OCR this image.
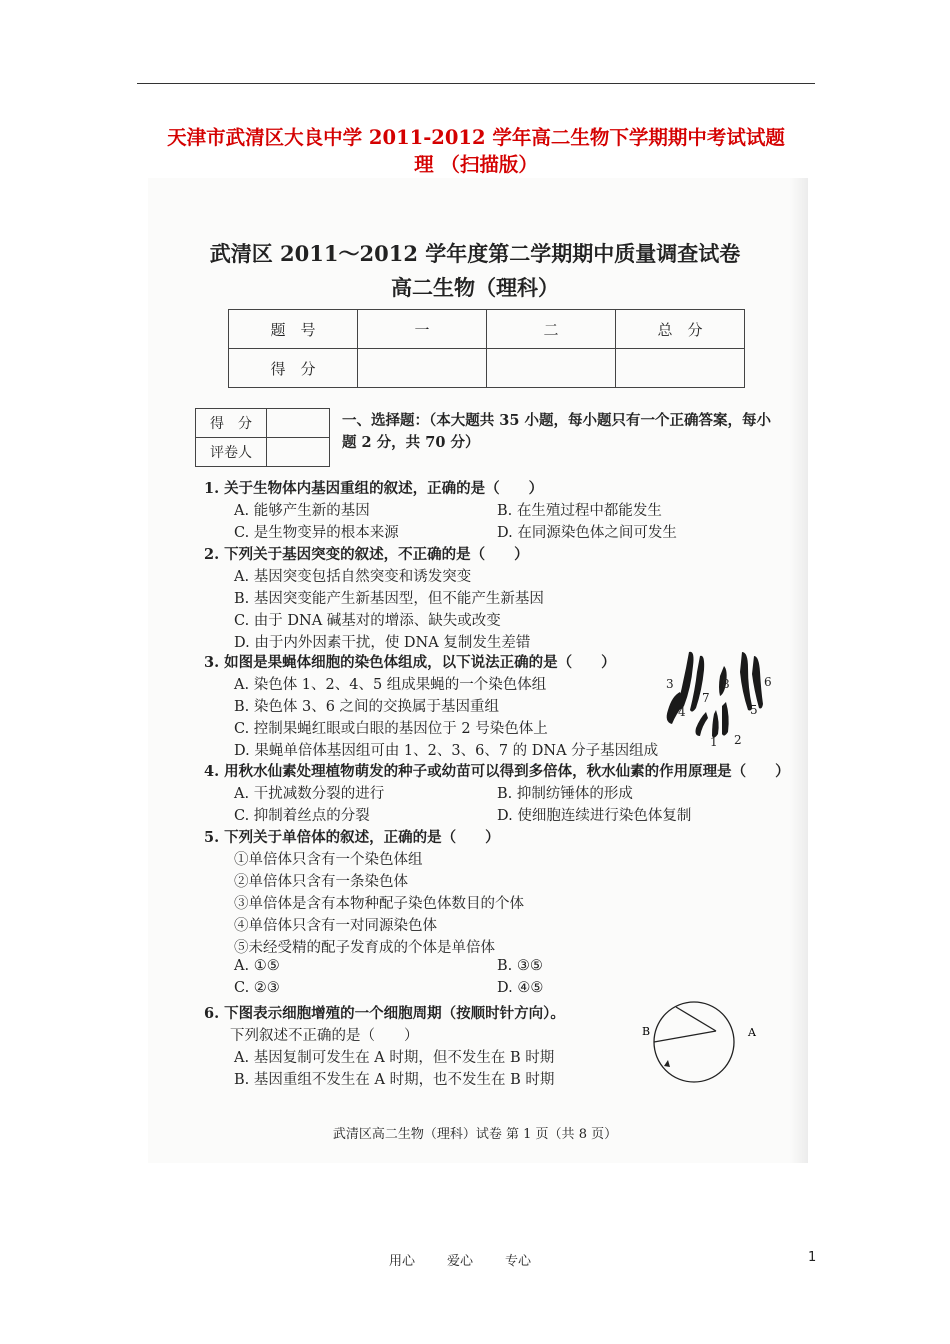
天津市武清区大良中学 2011-2012 学年高二生物下学期期中考试试题
理 （扫描版）
武清区 2011～2012 学年度第二学期期中质量调查试卷
高二生物（理科）
题　号	一	二	总　分
得　分			
得　分	
评卷人	
一、选择题：（本大题共 35 小题，每小题只有一个正确答案，每小题 2 分，共 70 分）
1. 关于生物体内基因重组的叙述，正确的是（　　）
A. 能够产生新的基因	B. 在生殖过程中都能发生
C. 是生物变异的根本来源	D. 在同源染色体之间可发生
2. 下列关于基因突变的叙述，不正确的是（　　）
A. 基因突变包括自然突变和诱发突变
B. 基因突变能产生新基因型，但不能产生新基因
C. 由于 DNA 碱基对的增添、缺失或改变
D. 由于内外因素干扰，使 DNA 复制发生差错
3. 如图是果蝇体细胞的染色体组成，以下说法正确的是（　　）
A. 染色体 1、2、4、5 组成果蝇的一个染色体组
B. 染色体 3、6 之间的交换属于基因重组
C. 控制果蝇红眼或白眼的基因位于 2 号染色体上
D. 果蝇单倍体基因组可由 1、2、3、6、7 的 DNA 分子基因组成
3	8	6
7
4	5
1 2
4. 用秋水仙素处理植物萌发的种子或幼苗可以得到多倍体，秋水仙素的作用原理是（　　）
A. 干扰减数分裂的进行	B. 抑制纺锤体的形成
C. 抑制着丝点的分裂	D. 使细胞连续进行染色体复制
5. 下列关于单倍体的叙述，正确的是（　　）
①单倍体只含有一个染色体组
②单倍体只含有一条染色体
③单倍体是含有本物种配子染色体数目的个体
④单倍体只含有一对同源染色体
⑤未经受精的配子发育成的个体是单倍体
A. ①⑤	B. ③⑤
C. ②③	D. ④⑤
6. 下图表示细胞增殖的一个细胞周期（按顺时针方向）。
下列叙述不正确的是（　　）
A. 基因复制可发生在 A 时期，但不发生在 B 时期
B. 基因重组不发生在 A 时期，也不发生在 B 时期
B	A
武清区高二生物（理科）试卷 第 1 页（共 8 页）
用心 爱心 专心	1
